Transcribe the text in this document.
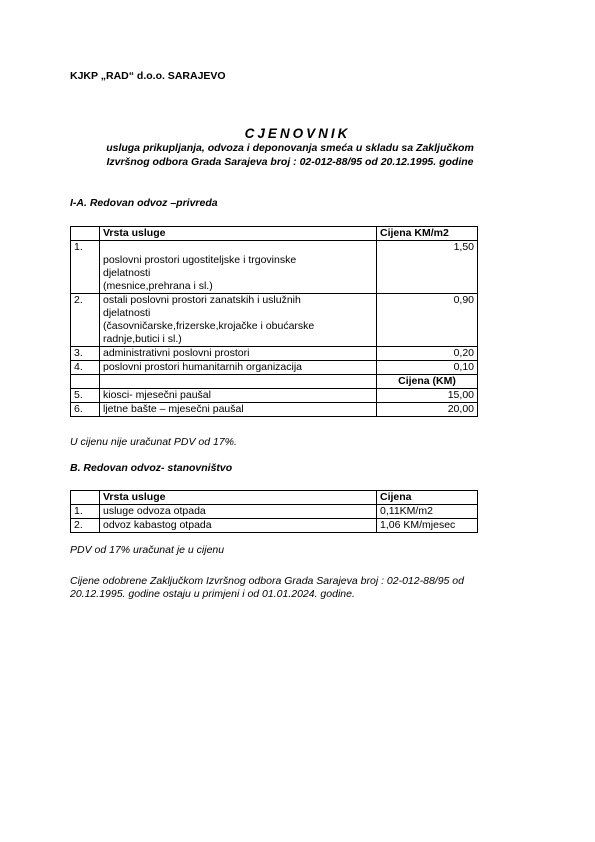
KJKP „RAD“ d.o.o. SARAJEVO
CJENOVNIK
usluga prikupljanja, odvoza i deponovanja smeća u skladu sa Zaključkom
Izvršnog odbora Grada Sarajeva broj : 02-012-88/95 od 20.12.1995. godine
I-A. Redovan odvoz –privreda
	Vrsta usluge	Cijena KM/m2
1.	poslovni prostori ugostiteljske i trgovinske
djelatnosti
(mesnice,prehrana i sl.)	1,50
2.	ostali poslovni prostori zanatskih i uslužnih
djelatnosti
(časovničarske,frizerske,krojačke i obućarske
radnje,butici i sl.)	0,90
3.	administrativni poslovni prostori	0,20
4.	poslovni prostori humanitarnih organizacija	0,10
		Cijena (KM)
5.	kiosci- mjesečni paušal	15,00
6.	ljetne bašte – mjesečni paušal	20,00
U cijenu nije uračunat PDV od 17%.
B. Redovan odvoz- stanovništvo
	Vrsta usluge	Cijena
1.	usluge odvoza otpada	0,11KM/m2
2.	odvoz kabastog otpada	1,06 KM/mjesec
PDV od 17% uračunat je u cijenu
Cijene odobrene Zaključkom Izvršnog odbora Grada Sarajeva broj : 02-012-88/95 od
20.12.1995. godine ostaju u primjeni i od 01.01.2024. godine.
